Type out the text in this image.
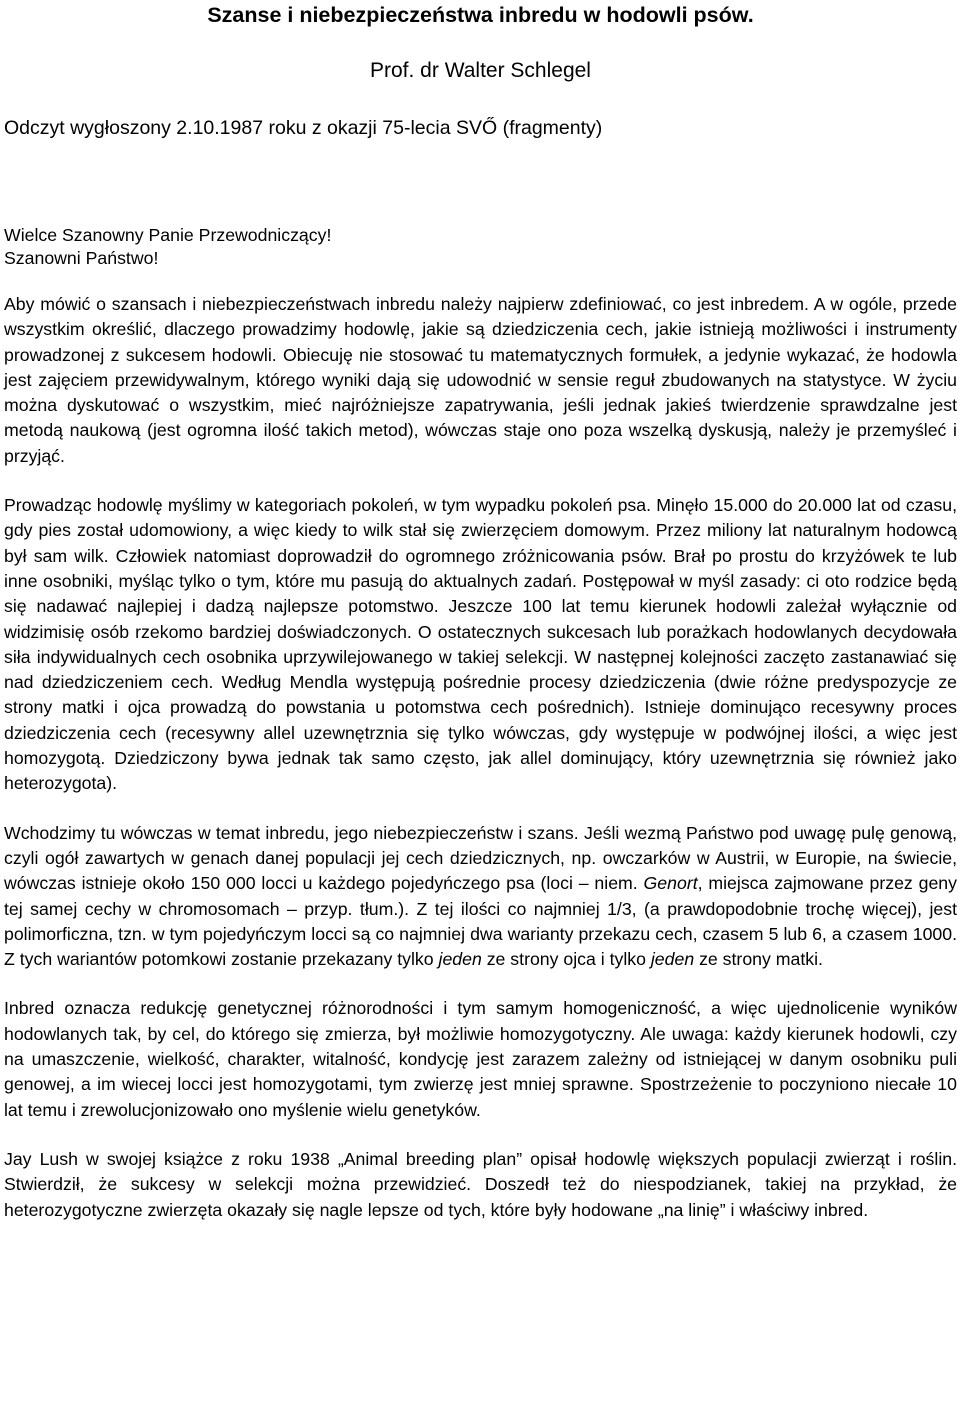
Szanse i niebezpieczeństwa inbredu w hodowli psów.
Prof. dr Walter Schlegel
Odczyt wygłoszony 2.10.1987 roku z okazji 75-lecia SVŐ (fragmenty)
Wielce Szanowny Panie Przewodniczący!
Szanowni Państwo!

Aby mówić o szansach i niebezpieczeństwach inbredu należy najpierw zdefiniować, co jest inbredem. A w ogóle, przede wszystkim określić, dlaczego prowadzimy hodowlę, jakie są dziedziczenia cech, jakie istnieją możliwości i instrumenty prowadzonej z sukcesem hodowli. Obiecuję nie stosować tu matematycznych formułek, a jedynie wykazać, że hodowla jest zajęciem przewidywalnym, którego wyniki dają się udowodnić w sensie reguł zbudowanych na statystyce. W życiu można dyskutować o wszystkim, mieć najróżniejsze zapatrywania, jeśli jednak jakieś twierdzenie sprawdzalne jest metodą naukową (jest ogromna ilość takich metod), wówczas staje ono poza wszelką dyskusją, należy je przemyśleć i przyjąć.

Prowadząc hodowlę myślimy w kategoriach pokoleń, w tym wypadku pokoleń psa. Minęło 15.000 do 20.000 lat od czasu, gdy pies został udomowiony, a więc kiedy to wilk stał się zwierzęciem domowym. Przez miliony lat naturalnym hodowcą był sam wilk. Człowiek natomiast doprowadził do ogromnego zróżnicowania psów. Brał po prostu do krzyżówek te lub inne osobniki, myśląc tylko o tym, które mu pasują do aktualnych zadań. Postępował w myśl zasady: ci oto rodzice będą się nadawać najlepiej i dadzą najlepsze potomstwo. Jeszcze 100 lat temu kierunek hodowli zależał wyłącznie od widzimisię osób rzekomo bardziej doświadczonych. O ostatecznych sukcesach lub porażkach hodowlanych decydowała siła indywidualnych cech osobnika uprzywilejowanego w takiej selekcji. W następnej kolejności zaczęto zastanawiać się nad dziedziczeniem cech. Według Mendla występują pośrednie procesy dziedziczenia (dwie różne predyspozycje ze strony matki i ojca prowadzą do powstania u potomstwa cech pośrednich). Istnieje dominująco recesywny proces dziedziczenia cech (recesywny allel uzewnętrznia się tylko wówczas, gdy występuje w podwójnej ilości, a więc jest homozygotą. Dziedziczony bywa jednak tak samo często, jak allel dominujący, który uzewnętrznia się również jako heterozygota).

Wchodzimy tu wówczas w temat inbredu, jego niebezpieczeństw i szans. Jeśli wezmą Państwo pod uwagę pulę genową, czyli ogół zawartych w genach danej populacji jej cech dziedzicznych, np. owczarków w Austrii, w Europie, na świecie, wówczas istnieje około 150 000 locci u każdego pojedyńczego psa (loci – niem. Genort, miejsca zajmowane przez geny tej samej cechy w chromosomach – przyp. tłum.). Z tej ilości co najmniej 1/3, (a prawdopodobnie trochę więcej), jest polimorficzna, tzn. w tym pojedyńczym locci są co najmniej dwa warianty przekazu cech, czasem 5 lub 6, a czasem 1000. Z tych wariantów potomkowi zostanie przekazany tylko jeden ze strony ojca i tylko jeden ze strony matki.

Inbred oznacza redukcję genetycznej różnorodności i tym samym homogeniczność, a więc ujednolicenie wyników hodowlanych tak, by cel, do którego się zmierza, był możliwie homozygotyczny. Ale uwaga: każdy kierunek hodowli, czy na umaszczenie, wielkość, charakter, witalność, kondycję jest zarazem zależny od istniejącej w danym osobniku puli genowej, a im wiecej locci jest homozygotami, tym zwierzę jest mniej sprawne. Spostrzeżenie to poczyniono niecałe 10 lat temu i zrewolucjonizowało ono myślenie wielu genetyków.

Jay Lush w swojej książce z roku 1938 „Animal breeding plan” opisał hodowlę większych populacji zwierząt i roślin. Stwierdził, że sukcesy w selekcji można przewidzieć. Doszedł też do niespodzianek, takiej na przykład, że heterozygotyczne zwierzęta okazały się nagle lepsze od tych, które były hodowane „na linię” i właściwy inbred.
